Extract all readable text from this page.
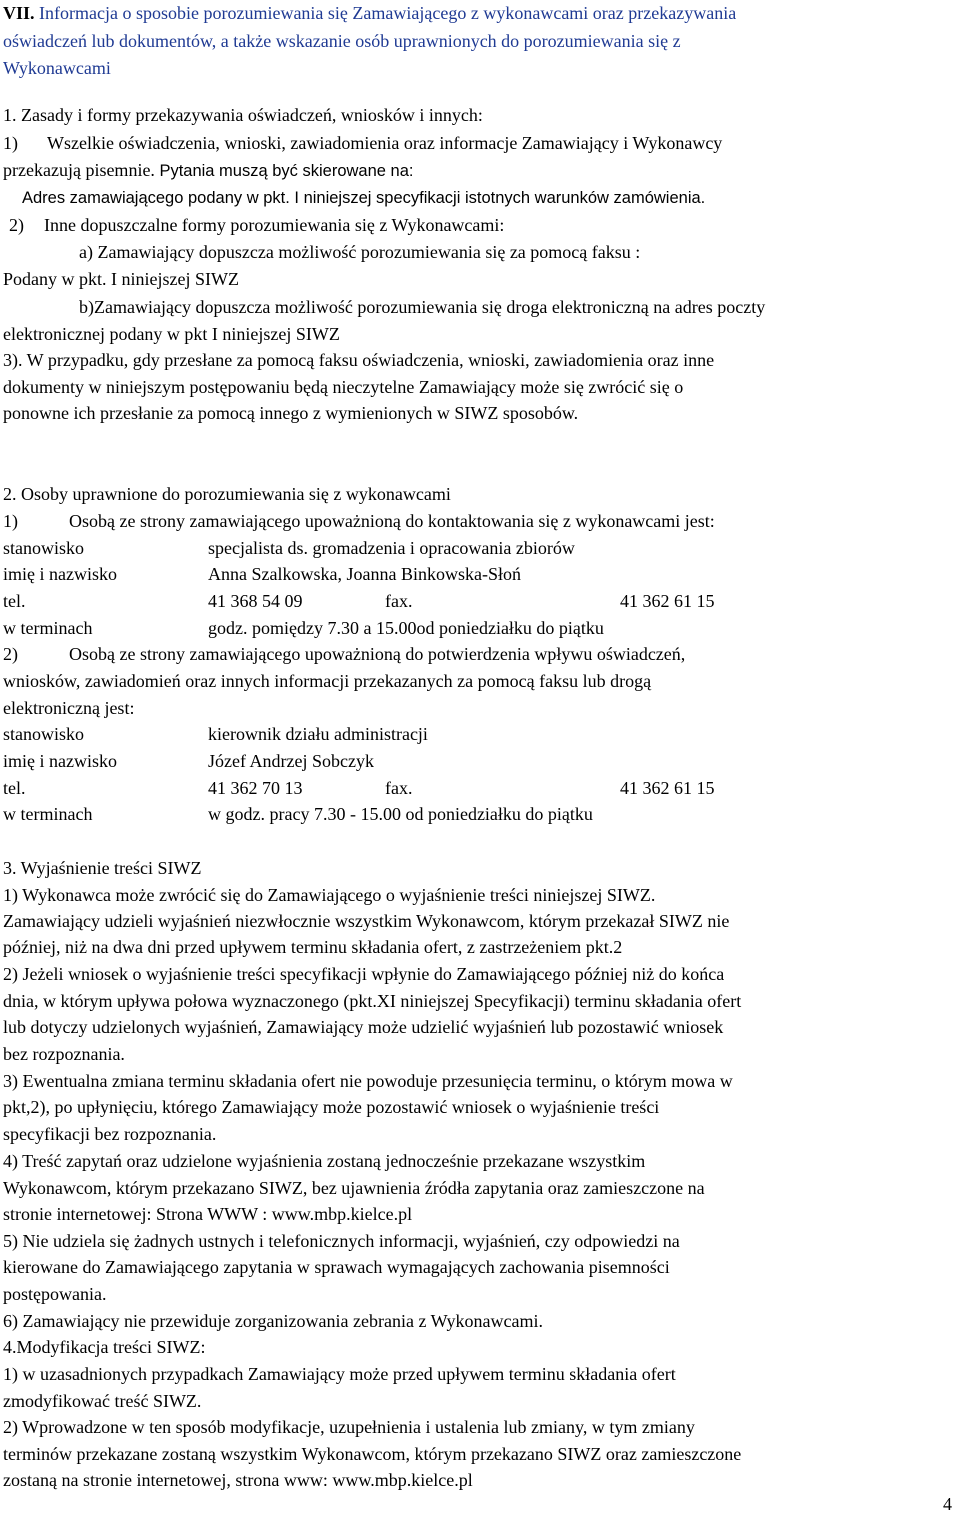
VII. Informacja o sposobie porozumiewania się Zamawiającego z wykonawcami oraz przekazywania
oświadczeń lub dokumentów, a także wskazanie osób uprawnionych do porozumiewania się z
Wykonawcami
1. Zasady i formy przekazywania oświadczeń, wniosków i innych:
1) Wszelkie oświadczenia, wnioski, zawiadomienia oraz informacje Zamawiający i Wykonawcy
przekazują pisemnie. Pytania muszą być skierowane na:
Adres zamawiającego podany w pkt. I niniejszej specyfikacji istotnych warunków zamówienia.
2) Inne dopuszczalne formy porozumiewania się z Wykonawcami:
a) Zamawiający dopuszcza możliwość porozumiewania się za pomocą faksu :
Podany w pkt. I niniejszej SIWZ
b)Zamawiający dopuszcza możliwość porozumiewania się droga elektroniczną na adres poczty
elektronicznej podany w pkt I niniejszej SIWZ
3). W przypadku, gdy przesłane za pomocą faksu oświadczenia, wnioski, zawiadomienia oraz inne
dokumenty w niniejszym postępowaniu będą nieczytelne Zamawiający może się zwrócić się o
ponowne ich przesłanie za pomocą innego z wymienionych w SIWZ sposobów.
2. Osoby uprawnione do porozumiewania się z wykonawcami
1)	Osobą ze strony zamawiającego upoważnioną do kontaktowania się z wykonawcami jest:
stanowisko	specjalista ds. gromadzenia i opracowania zbiorów
imię i nazwisko	Anna Szalkowska, Joanna Binkowska-Słoń
tel.	41 368 54 09	fax.	41 362 61 15
w terminach	godz. pomiędzy 7.30 a 15.00od poniedziałku do piątku
2)	Osobą ze strony zamawiającego upoważnioną do potwierdzenia wpływu oświadczeń,
wniosków, zawiadomień oraz innych informacji przekazanych za pomocą faksu lub drogą
elektroniczną jest:
stanowisko	kierownik działu administracji
imię i nazwisko	Józef Andrzej Sobczyk
tel.	41 362 70 13	fax.	41 362 61 15
w terminach	w godz. pracy 7.30 - 15.00 od poniedziałku do piątku
3. Wyjaśnienie treści SIWZ
1) Wykonawca może zwrócić się do Zamawiającego o wyjaśnienie treści niniejszej SIWZ.
Zamawiający udzieli wyjaśnień niezwłocznie wszystkim Wykonawcom, którym przekazał SIWZ nie
później, niż na dwa dni przed upływem terminu składania ofert, z zastrzeżeniem pkt.2
2) Jeżeli wniosek o wyjaśnienie treści specyfikacji wpłynie do Zamawiającego później niż do końca
dnia, w którym upływa połowa wyznaczonego (pkt.XI niniejszej Specyfikacji) terminu składania ofert
lub dotyczy udzielonych wyjaśnień, Zamawiający może udzielić wyjaśnień lub pozostawić wniosek
bez rozpoznania.
3) Ewentualna zmiana terminu składania ofert nie powoduje przesunięcia terminu, o którym mowa w
pkt,2), po upłynięciu, którego Zamawiający może pozostawić wniosek o wyjaśnienie treści
specyfikacji bez rozpoznania.
4) Treść zapytań oraz udzielone wyjaśnienia zostaną jednocześnie przekazane wszystkim
Wykonawcom, którym przekazano SIWZ, bez ujawnienia źródła zapytania oraz zamieszczone na
stronie internetowej: Strona WWW : www.mbp.kielce.pl
5) Nie udziela się żadnych ustnych i telefonicznych informacji, wyjaśnień, czy odpowiedzi na
kierowane do Zamawiającego zapytania w sprawach wymagających zachowania pisemności
postępowania.
6) Zamawiający nie przewiduje zorganizowania zebrania z Wykonawcami.
4.Modyfikacja treści SIWZ:
1) w uzasadnionych przypadkach Zamawiający może przed upływem terminu składania ofert
zmodyfikować treść SIWZ.
2) Wprowadzone w ten sposób modyfikacje, uzupełnienia i ustalenia lub zmiany, w tym zmiany
terminów przekazane zostaną wszystkim Wykonawcom, którym przekazano SIWZ oraz zamieszczone
zostaną na stronie internetowej, strona www: www.mbp.kielce.pl
4
